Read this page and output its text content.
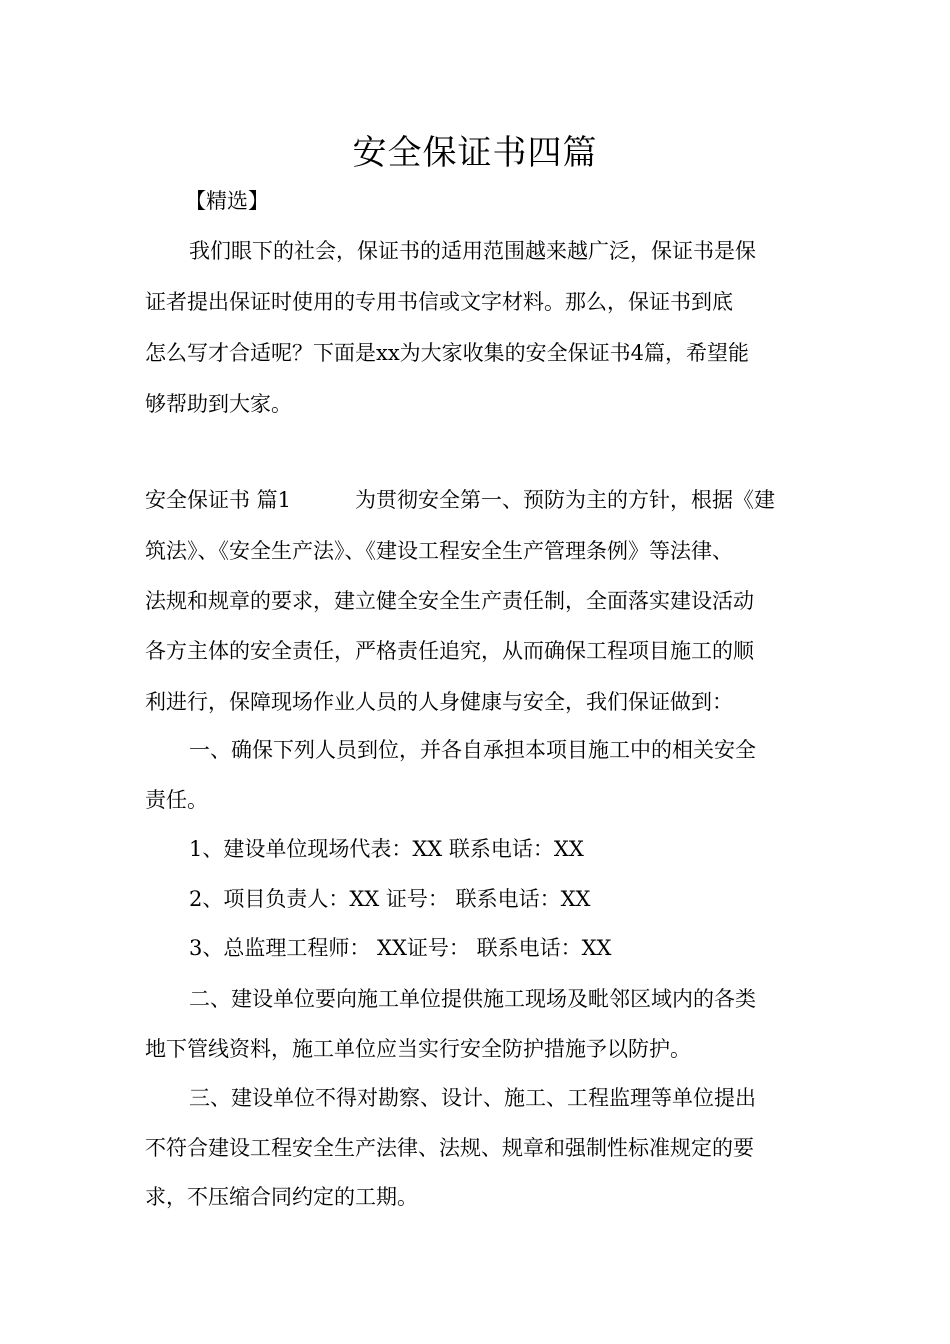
安全保证书四篇
【精选】
我们眼下的社会，保证书的适用范围越来越广泛，保证书是保
证者提出保证时使用的专用书信或文字材料。那么，保证书到底
怎么写才合适呢？下面是xx为大家收集的安全保证书4篇，希望能
够帮助到大家。
安全保证书 篇1	为贯彻安全第一、预防为主的方针，根据《建
筑法》、《安全生产法》、《建设工程安全生产管理条例》等法律、
法规和规章的要求，建立健全安全生产责任制，全面落实建设活动
各方主体的安全责任，严格责任追究，从而确保工程项目施工的顺
利进行，保障现场作业人员的人身健康与安全，我们保证做到：
一、确保下列人员到位，并各自承担本项目施工中的相关安全
责任。
1、建设单位现场代表：XX 联系电话：XX
2、项目负责人：XX 证号： 联系电话：XX
3、总监理工程师： XX证号： 联系电话：XX
二、建设单位要向施工单位提供施工现场及毗邻区域内的各类
地下管线资料，施工单位应当实行安全防护措施予以防护。
三、建设单位不得对勘察、设计、施工、工程监理等单位提出
不符合建设工程安全生产法律、法规、规章和强制性标准规定的要
求，不压缩合同约定的工期。
